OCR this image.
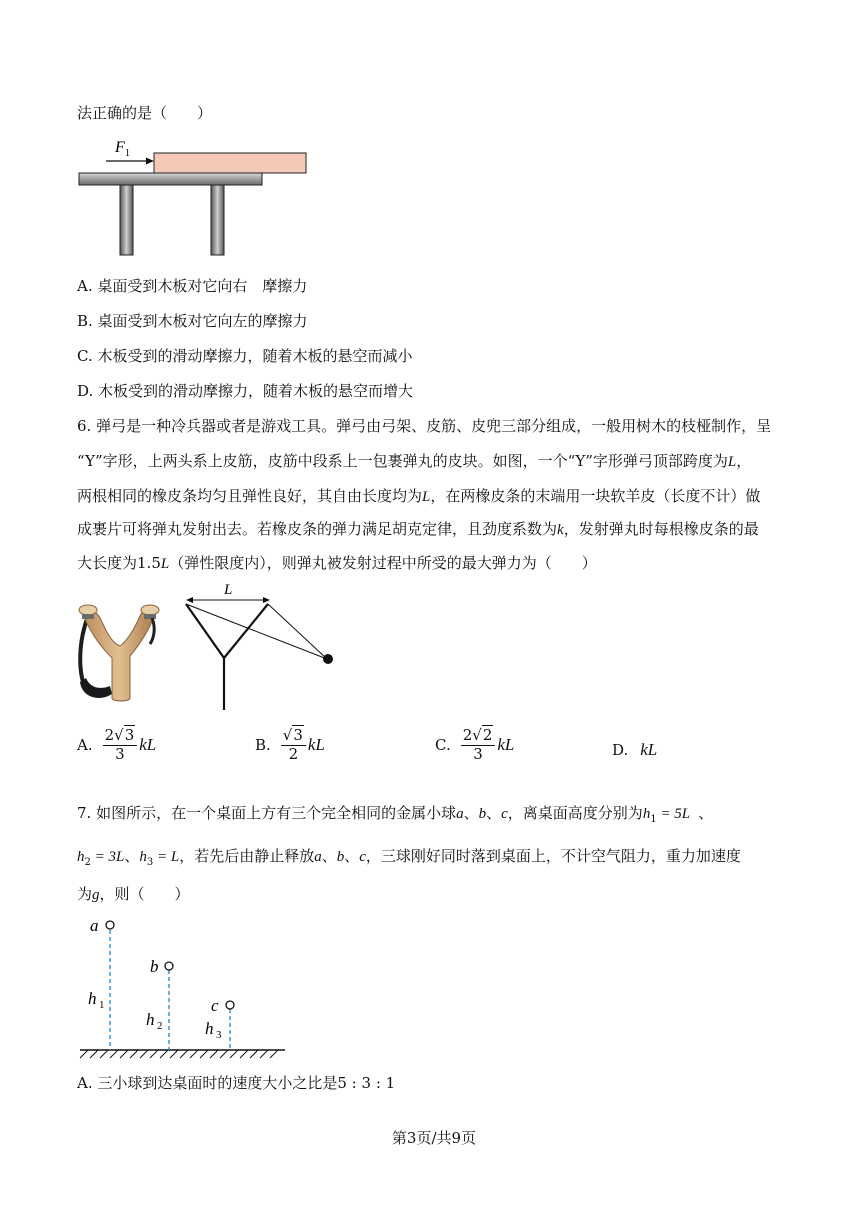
法正确的是（　　）
F 1
A. 桌面受到木板对它向右　摩擦力
B. 桌面受到木板对它向左的摩擦力
C. 木板受到的滑动摩擦力，随着木板的悬空而减小
D. 木板受到的滑动摩擦力，随着木板的悬空而增大
6. 弹弓是一种冷兵器或者是游戏工具。弹弓由弓架、皮筋、皮兜三部分组成，一般用树木的枝桠制作，呈
“Y”字形，上两头系上皮筋，皮筋中段系上一包裹弹丸的皮块。如图，一个“Y”字形弹弓顶部跨度为L，
两根相同的橡皮条均匀且弹性良好，其自由长度均为L，在两橡皮条的末端用一块软羊皮（长度不计）做
成裹片可将弹丸发射出去。若橡皮条的弹力满足胡克定律，且劲度系数为k，发射弹丸时每根橡皮条的最
大长度为1.5L（弹性限度内），则弹丸被发射过程中所受的最大弹力为（　　）
L
A. $\frac{2√3}{3}$ kL	B. $\frac{√3}{2}$ kL	C. $\frac{2√2}{3}$ kL	D. kL
7. 如图所示，在一个桌面上方有三个完全相同的金属小球a、b、c，离桌面高度分别为$h_1 = 5L$ 、
$h_2 = 3L$、$h_3 = L$，若先后由静止释放a、b、c，三球刚好同时落到桌面上，不计空气阻力，重力加速度
为g，则（　　）
a
b
c
h 1
h 2	h 3
A. 三小球到达桌面时的速度大小之比是5 : 3 : 1
第3页/共9页
